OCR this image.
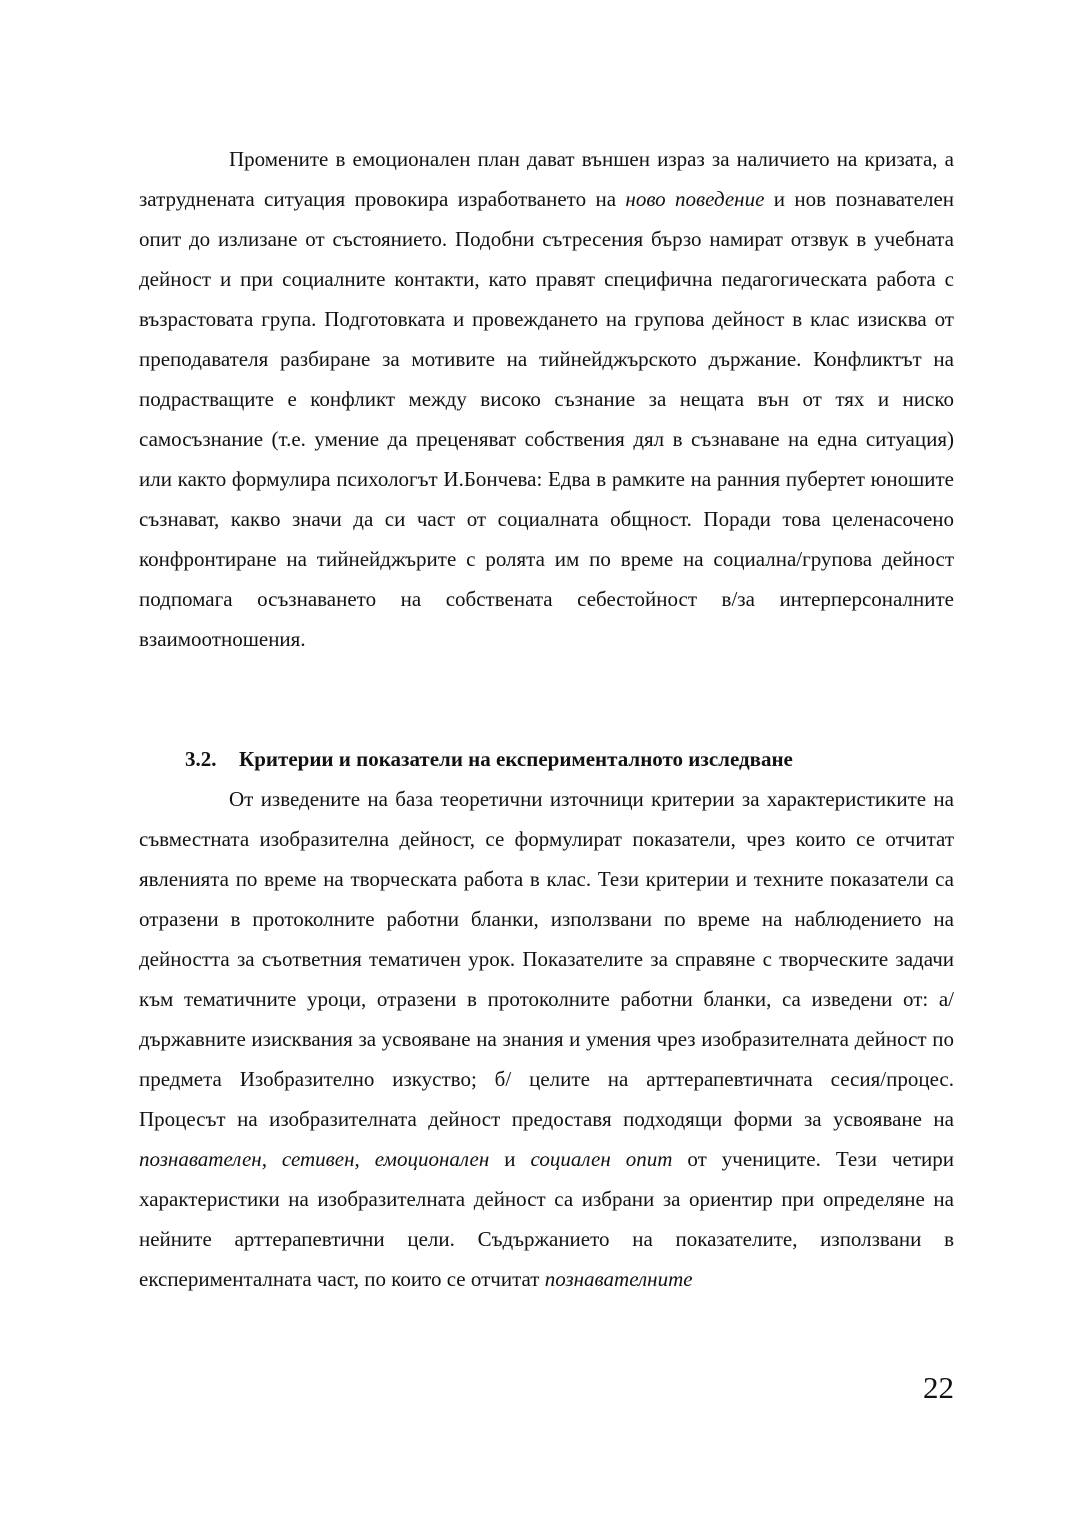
Промените в емоционален план дават външен израз за наличието на кризата, а затрудненатa ситуация провокира изработването на ново поведение и нов познавателен опит до излизане от състоянието. Подобни сътресения бързо намират отзвук в учебната дейност и при социалните контакти, като правят специфична педагогическата работа с възрастовата група. Подготовката и провеждането на групова дейност в клас изисква от преподавателя разбиране за мотивите на тийнейджърското държание. Конфликтът на подрастващите е конфликт между високо съзнание за нещата вън от тях и ниско самосъзнание (т.е. умение да преценяват собствения дял в съзнаване на една ситуация) или както формулира психологът И.Бончева: Едва в рамките на ранния пубертет юношите съзнават, какво значи да си част от социалната общност. Поради това целенасочено конфронтиране на тийнейджърите с ролята им по време на социална/групова дейност подпомага осъзнаването на собствената себестойност в/за интерперсоналните взаимоотношения.

3.2. Критерии и показатели на експерименталното изследване

От изведените на база теоретични източници критерии за характеристиките на съвместната изобразителна дейност, се формулират показатели, чрез които се отчитат явленията по време на творческата работа в клас. Тези критерии и техните показатели са отразени в протоколните работни бланки, използвани по време на наблюдението на дейността за съответния тематичен урок. Показателите за справяне с творческите задачи към тематичните уроци, отразени в протоколните работни бланки, са изведени от: а/ държавните изисквания за усвояване на знания и умения чрез изобразителната дейност по предмета Изобразително изкуство; б/ целите на арттерапевтичната сесия/процес. Процесът на изобразителната дейност предоставя подходящи форми за усвояване на познавателен, сетивен, емоционален и социален опит от учениците. Тези четири характеристики на изобразителната дейност са избрани за ориентир при определяне на нейните арттерапевтични цели. Съдържанието на показателите, използвани в експерименталната част, по които се отчитат познавателните

22
